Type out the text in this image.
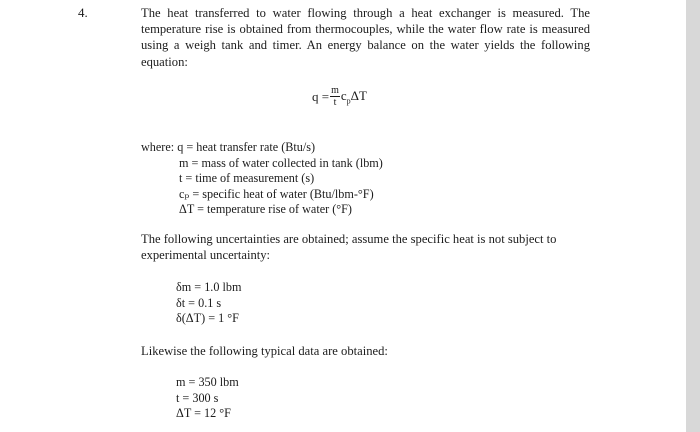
4.	The heat transferred to water flowing through a heat exchanger is measured. The temperature rise is obtained from thermocouples, while the water flow rate is measured using a weigh tank and timer. An energy balance on the water yields the following equation:

$q = \frac{m}{t} c_p\Delta T$
where: q = heat transfer rate (Btu/s)
m = mass of water collected in tank (lbm)
t = time of measurement (s)
cₚ = specific heat of water (Btu/lbm-°F)
ΔT = temperature rise of water (°F)

The following uncertainties are obtained; assume the specific heat is not subject to experimental uncertainty:

δm = 1.0 lbm
δt = 0.1 s
δ(ΔT) = 1 °F

Likewise the following typical data are obtained:

m = 350 lbm
t = 300 s
ΔT = 12 °F
